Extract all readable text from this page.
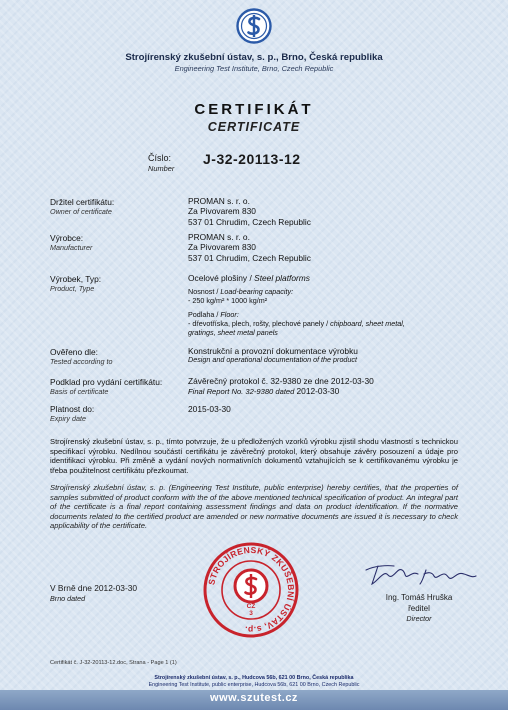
Strojírenský zkušební ústav, s. p., Brno, Česká republika
Engineering Test Institute, Brno, Czech Republic
CERTIFIKÁT
CERTIFICATE
Číslo:
Number
J-32-20113-12
Držitel certifikátu:
Owner of certificate
PROMAN s. r. o.
Za Pivovarem 830
537 01 Chrudim, Czech Republic
Výrobce:
Manufacturer
PROMAN s. r. o.
Za Pivovarem 830
537 01 Chrudim, Czech Republic
Výrobek, Typ:
Product, Type
Ocelové plošiny / Steel platforms
Nosnost / Load-bearing capacity:
- 250 kg/m² * 1000 kg/m²
Podlaha / Floor:
- dřevotříska, plech, rošty, plechové panely / chipboard, sheet metal,
gratings, sheet metal panels
Ověřeno dle:
Tested according to
Konstrukční a provozní dokumentace výrobku
Design and operational documentation of the product
Podklad pro vydání certifikátu:
Basis of certificate
Závěrečný protokol č. 32-9380 ze dne 2012-03-30
Final Report No. 32-9380 dated 2012-03-30
Platnost do:
Expiry date
2015-03-30
Strojírenský zkušební ústav, s. p., tímto potvrzuje, že u předložených vzorků výrobku zjistil shodu vlastností s technickou specifikací výrobku. Nedílnou součástí certifikátu je závěrečný protokol, který obsahuje závěry posouzení a údaje pro identifikaci výrobku. Při změně a vydání nových normativních dokumentů vztahujících se k certifikovanému výrobku je třeba použitelnost certifikátu přezkoumat.
Strojírenský zkušební ústav, s. p. (Engineering Test Institute, public enterprise) hereby certifies, that the properties of samples submitted of product conform with the of the above mentioned technical specification of product. An integral part of the certificate is a final report containing assessment findings and data on product identification. If the normative documents related to the certified product are amended or new normative documents are issued it is necessary to check applicability of the certificate.
V Brně dne 2012-03-30
Brno dated
STROJÍRENSKÝ ZKUŠEBNÍ ÚSTAV, s.p.
CZ
3
Ing. Tomáš Hruška
ředitel
Director
Certifikát č. J-32-20113-12.doc, Strana - Page 1 (1)
Strojírenský zkušební ústav, s. p., Hudcova 56b, 621 00 Brno, Česká republika
Engineering Test Institute, public enterprise, Hudcova 56b, 621 00 Brno, Czech Republic
www.szutest.cz
